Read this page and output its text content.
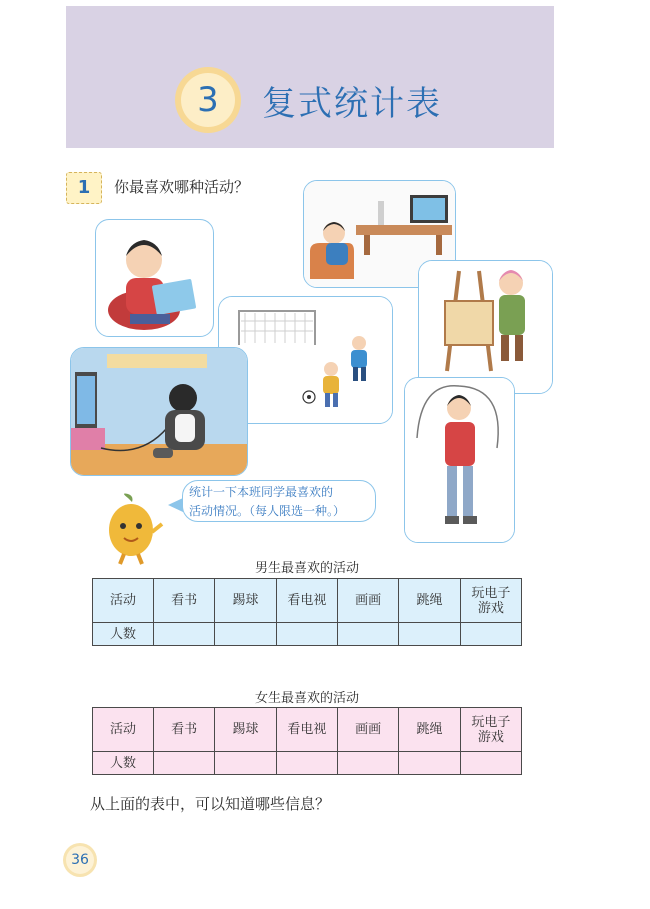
3	复式统计表
1	你最喜欢哪种活动？
统计一下本班同学最喜欢的
活动情况。（每人限选一种。）
男生最喜欢的活动
活动	看书	踢球	看电视	画画	跳绳	玩电子
游戏
人数						
女生最喜欢的活动
活动	看书	踢球	看电视	画画	跳绳	玩电子
游戏
人数						
从上面的表中，可以知道哪些信息？
36
